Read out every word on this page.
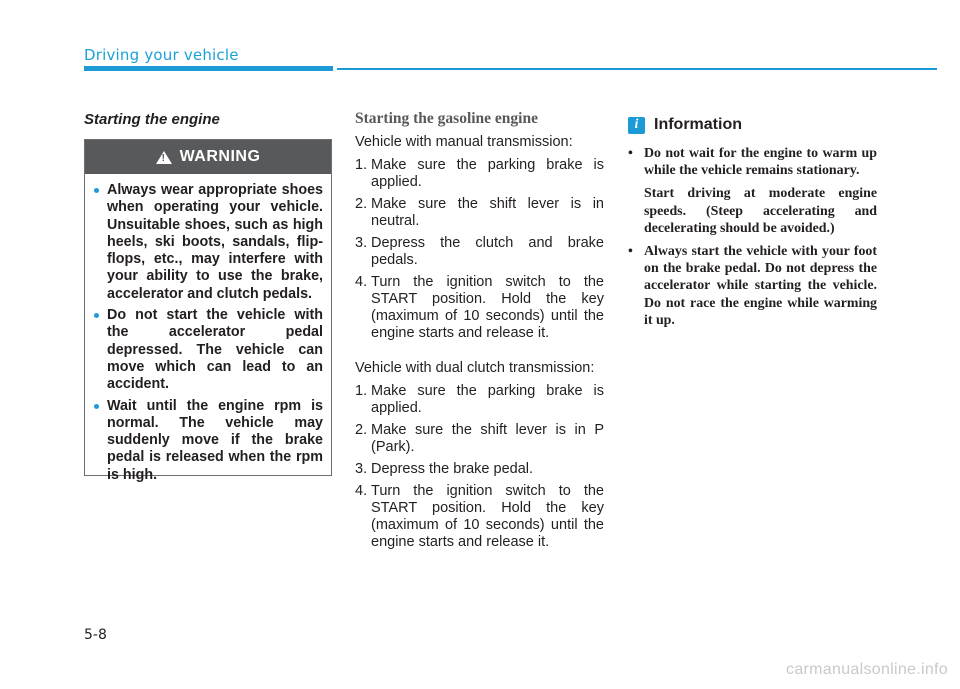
Driving your vehicle
Starting the engine
! WARNING
Always wear appropriate shoes when operating your vehicle. Unsuitable shoes, such as high heels, ski boots, sandals, flip-flops, etc., may interfere with your ability to use the brake, accelerator and clutch pedals.
Do not start the vehicle with the accelerator pedal depressed. The vehicle can move which can lead to an accident.
Wait until the engine rpm is normal. The vehicle may suddenly move if the brake pedal is released when the rpm is high.
Starting the gasoline engine

Vehicle with manual transmission:

1. Make sure the parking brake is applied.
2. Make sure the shift lever is in neutral.
3. Depress the clutch and brake pedals.
4. Turn the ignition switch to the START position. Hold the key (maximum of 10 seconds) until the engine starts and release it.

Vehicle with dual clutch transmission:

1. Make sure the parking brake is applied.
2. Make sure the shift lever is in P (Park).
3. Depress the brake pedal.
4. Turn the ignition switch to the START position. Hold the key (maximum of 10 seconds) until the engine starts and release it.
i Information

• Do not wait for the engine to warm up while the vehicle remains stationary.

Start driving at moderate engine speeds. (Steep accelerating and decelerating should be avoided.)

• Always start the vehicle with your foot on the brake pedal. Do not depress the accelerator while starting the vehicle. Do not race the engine while warming it up.

5-8
carmanualsonline.info
